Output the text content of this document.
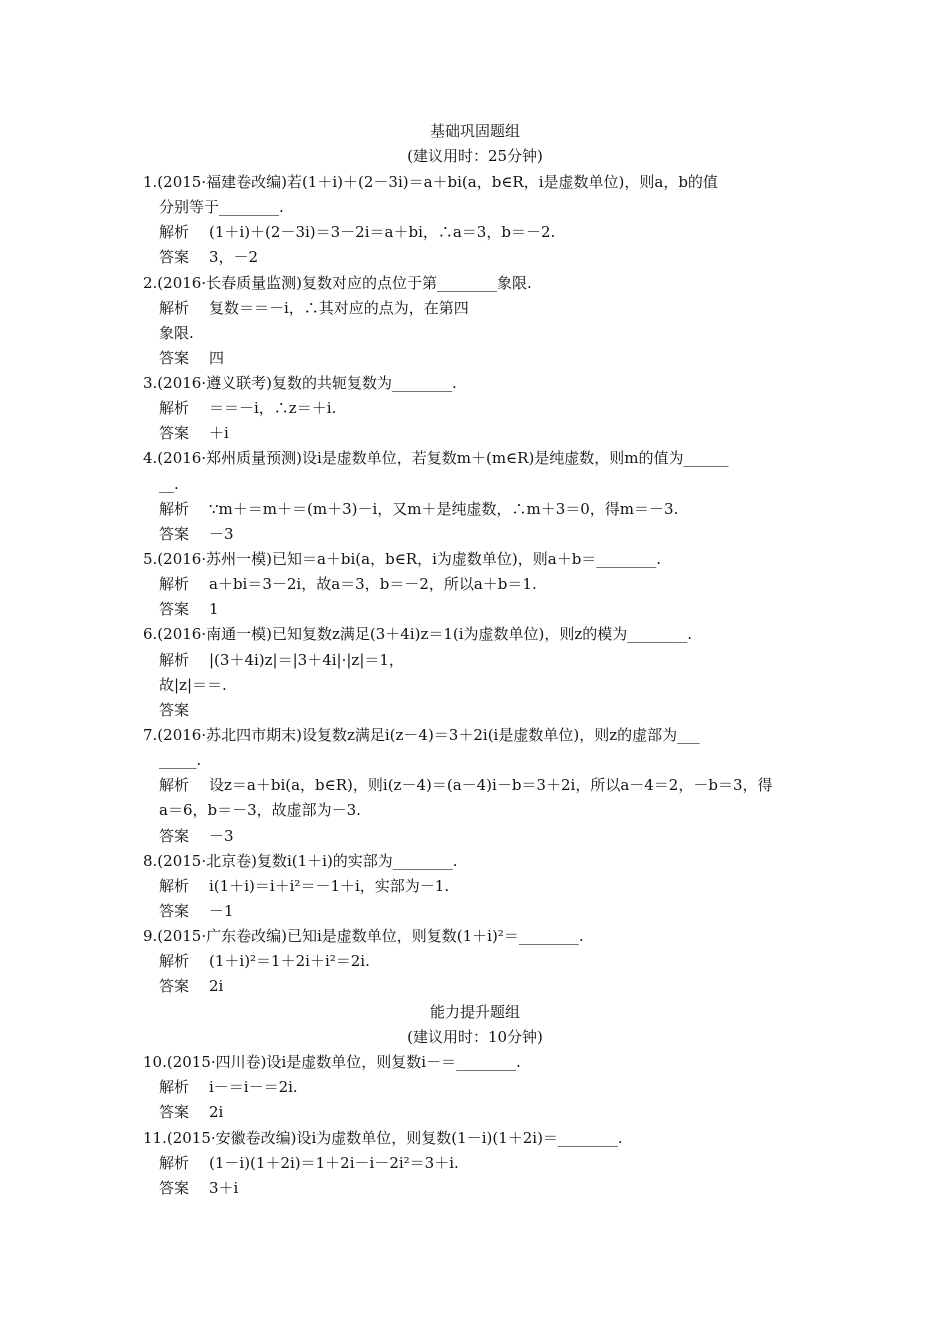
基础巩固题组
(建议用时：25分钟)
1.(2015·福建卷改编)若(1＋i)＋(2－3i)＝a＋bi(a，b∈R，i是虚数单位)，则a，b的值
分别等于________.
解析 (1＋i)＋(2－3i)＝3－2i＝a＋bi，∴a＝3，b＝－2.
答案 3，－2
2.(2016·长春质量监测)复数对应的点位于第________象限.
解析 复数＝＝－i，∴其对应的点为，在第四
象限.
答案 四
3.(2016·遵义联考)复数的共轭复数为________.
解析 ＝＝－i，∴z＝＋i.
答案 ＋i
4.(2016·郑州质量预测)设i是虚数单位，若复数m＋(m∈R)是纯虚数，则m的值为______
__.
解析 ∵m＋＝m＋＝(m＋3)－i，又m＋是纯虚数，∴m＋3＝0，得m＝－3.
答案 －3
5.(2016·苏州一模)已知＝a＋bi(a，b∈R，i为虚数单位)，则a＋b＝________.
解析 a＋bi＝3－2i，故a＝3，b＝－2，所以a＋b＝1.
答案 1
6.(2016·南通一模)已知复数z满足(3＋4i)z＝1(i为虚数单位)，则z的模为________.
解析 |(3＋4i)z|＝|3＋4i|·|z|＝1，
故|z|＝＝.
答案
7.(2016·苏北四市期末)设复数z满足i(z－4)＝3＋2i(i是虚数单位)，则z的虚部为___
_____.
解析 设z＝a＋bi(a，b∈R)，则i(z－4)＝(a－4)i－b＝3＋2i，所以a－4＝2，－b＝3，得
a＝6，b＝－3，故虚部为－3.
答案 －3
8.(2015·北京卷)复数i(1＋i)的实部为________.
解析 i(1＋i)＝i＋i²＝－1＋i，实部为－1.
答案 －1
9.(2015·广东卷改编)已知i是虚数单位，则复数(1＋i)²＝________.
解析 (1＋i)²＝1＋2i＋i²＝2i.
答案 2i
能力提升题组
(建议用时：10分钟)
10.(2015·四川卷)设i是虚数单位，则复数i－＝________.
解析 i－＝i－＝2i.
答案 2i
11.(2015·安徽卷改编)设i为虚数单位，则复数(1－i)(1＋2i)＝________.
解析 (1－i)(1＋2i)＝1＋2i－i－2i²＝3＋i.
答案 3＋i
